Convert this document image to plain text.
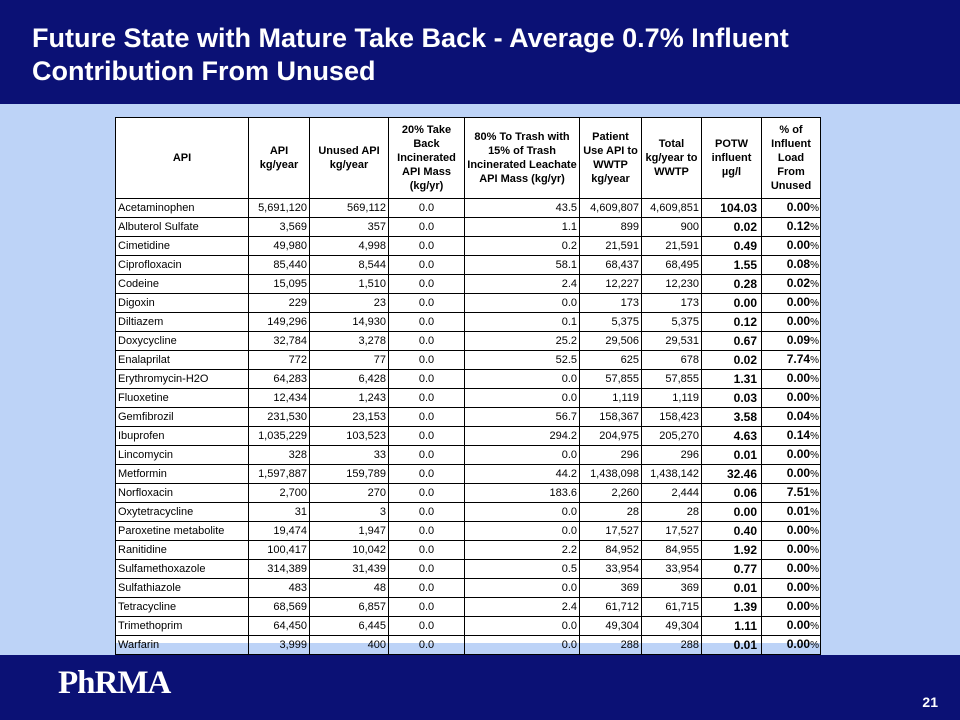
Future State with Mature Take Back - Average 0.7% Influent Contribution From Unused
API	API kg/year	Unused API kg/year	20% Take Back Incinerated API Mass (kg/yr)	80% To Trash with 15% of Trash Incinerated Leachate API Mass (kg/yr)	Patient Use API to WWTP kg/year	Total kg/year to WWTP	POTW influent µg/l	% of Influent Load From Unused
Acetaminophen	5,691,120	569,112	0.0	43.5	4,609,807	4,609,851	104.03	0.00%
Albuterol Sulfate	3,569	357	0.0	1.1	899	900	0.02	0.12%
Cimetidine	49,980	4,998	0.0	0.2	21,591	21,591	0.49	0.00%
Ciprofloxacin	85,440	8,544	0.0	58.1	68,437	68,495	1.55	0.08%
Codeine	15,095	1,510	0.0	2.4	12,227	12,230	0.28	0.02%
Digoxin	229	23	0.0	0.0	173	173	0.00	0.00%
Diltiazem	149,296	14,930	0.0	0.1	5,375	5,375	0.12	0.00%
Doxycycline	32,784	3,278	0.0	25.2	29,506	29,531	0.67	0.09%
Enalaprilat	772	77	0.0	52.5	625	678	0.02	7.74%
Erythromycin-H2O	64,283	6,428	0.0	0.0	57,855	57,855	1.31	0.00%
Fluoxetine	12,434	1,243	0.0	0.0	1,119	1,119	0.03	0.00%
Gemfibrozil	231,530	23,153	0.0	56.7	158,367	158,423	3.58	0.04%
Ibuprofen	1,035,229	103,523	0.0	294.2	204,975	205,270	4.63	0.14%
Lincomycin	328	33	0.0	0.0	296	296	0.01	0.00%
Metformin	1,597,887	159,789	0.0	44.2	1,438,098	1,438,142	32.46	0.00%
Norfloxacin	2,700	270	0.0	183.6	2,260	2,444	0.06	7.51%
Oxytetracycline	31	3	0.0	0.0	28	28	0.00	0.01%
Paroxetine metabolite	19,474	1,947	0.0	0.0	17,527	17,527	0.40	0.00%
Ranitidine	100,417	10,042	0.0	2.2	84,952	84,955	1.92	0.00%
Sulfamethoxazole	314,389	31,439	0.0	0.5	33,954	33,954	0.77	0.00%
Sulfathiazole	483	48	0.0	0.0	369	369	0.01	0.00%
Tetracycline	68,569	6,857	0.0	2.4	61,712	61,715	1.39	0.00%
Trimethoprim	64,450	6,445	0.0	0.0	49,304	49,304	1.11	0.00%
Warfarin	3,999	400	0.0	0.0	288	288	0.01	0.00%
PhRMA
21
